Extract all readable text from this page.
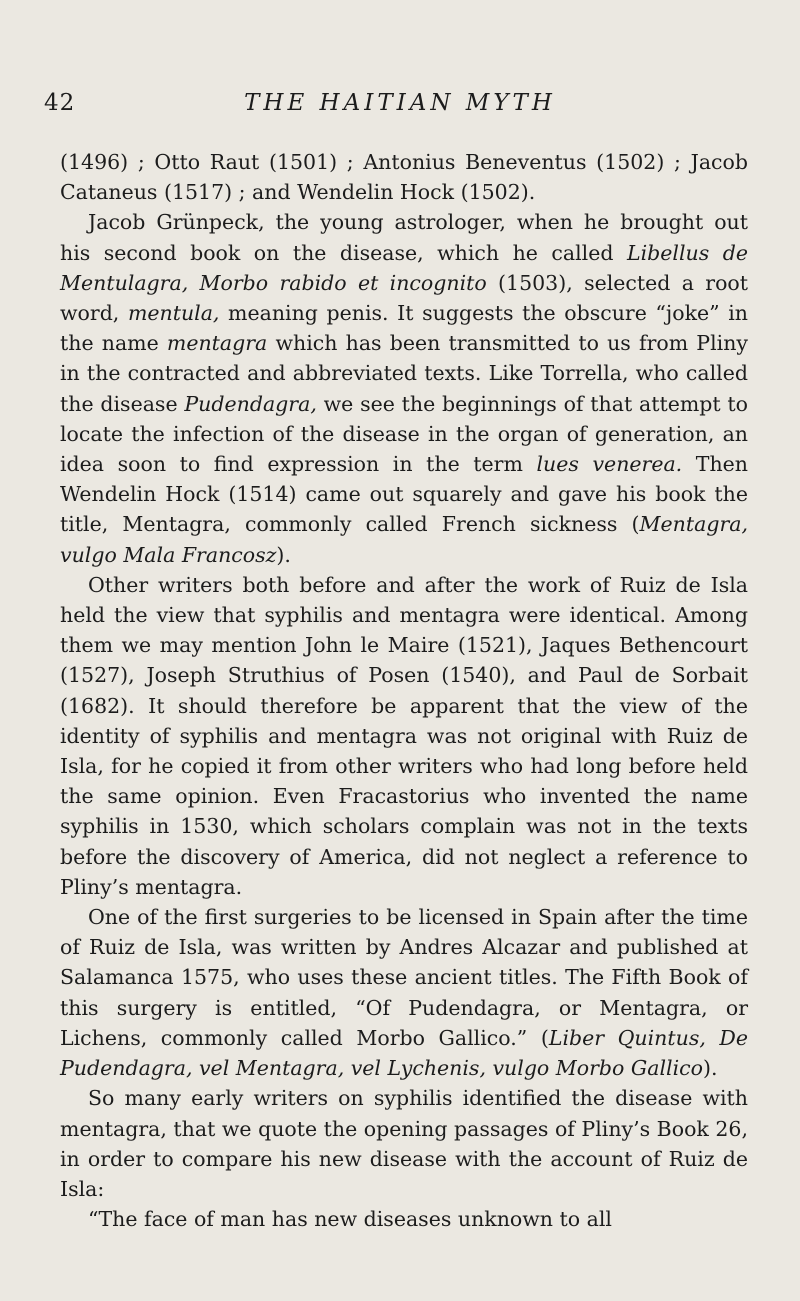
42	THE HAITIAN MYTH

(1496) ; Otto Raut (1501) ; Antonius Beneventus (1502) ; Jacob Cataneus (1517) ; and Wendelin Hock (1502).

Jacob Grünpeck, the young astrologer, when he brought out his second book on the disease, which he called Libellus de Mentulagra, Morbo rabido et incognito (1503), selected a root word, mentula, meaning penis. It suggests the obscure “joke” in the name mentagra which has been transmitted to us from Pliny in the contracted and abbreviated texts. Like Torrella, who called the disease Pudendagra, we see the beginnings of that attempt to locate the infection of the disease in the organ of generation, an idea soon to find expression in the term lues venerea. Then Wendelin Hock (1514) came out squarely and gave his book the title, Mentagra, commonly called French sickness (Mentagra, vulgo Mala Francosz).

Other writers both before and after the work of Ruiz de Isla held the view that syphilis and mentagra were identical. Among them we may mention John le Maire (1521), Jaques Bethencourt (1527), Joseph Struthius of Posen (1540), and Paul de Sorbait (1682). It should therefore be apparent that the view of the identity of syphilis and mentagra was not original with Ruiz de Isla, for he copied it from other writers who had long before held the same opinion. Even Fracastorius who invented the name syphilis in 1530, which scholars complain was not in the texts before the discovery of America, did not neglect a reference to Pliny’s mentagra.

One of the first surgeries to be licensed in Spain after the time of Ruiz de Isla, was written by Andres Alcazar and published at Salamanca 1575, who uses these ancient titles. The Fifth Book of this surgery is entitled, “Of Pudendagra, or Mentagra, or Lichens, commonly called Morbo Gallico.” (Liber Quintus, De Pudendagra, vel Mentagra, vel Lychenis, vulgo Morbo Gallico).

So many early writers on syphilis identified the disease with mentagra, that we quote the opening passages of Pliny’s Book 26, in order to compare his new disease with the account of Ruiz de Isla:

“The face of man has new diseases unknown to all
